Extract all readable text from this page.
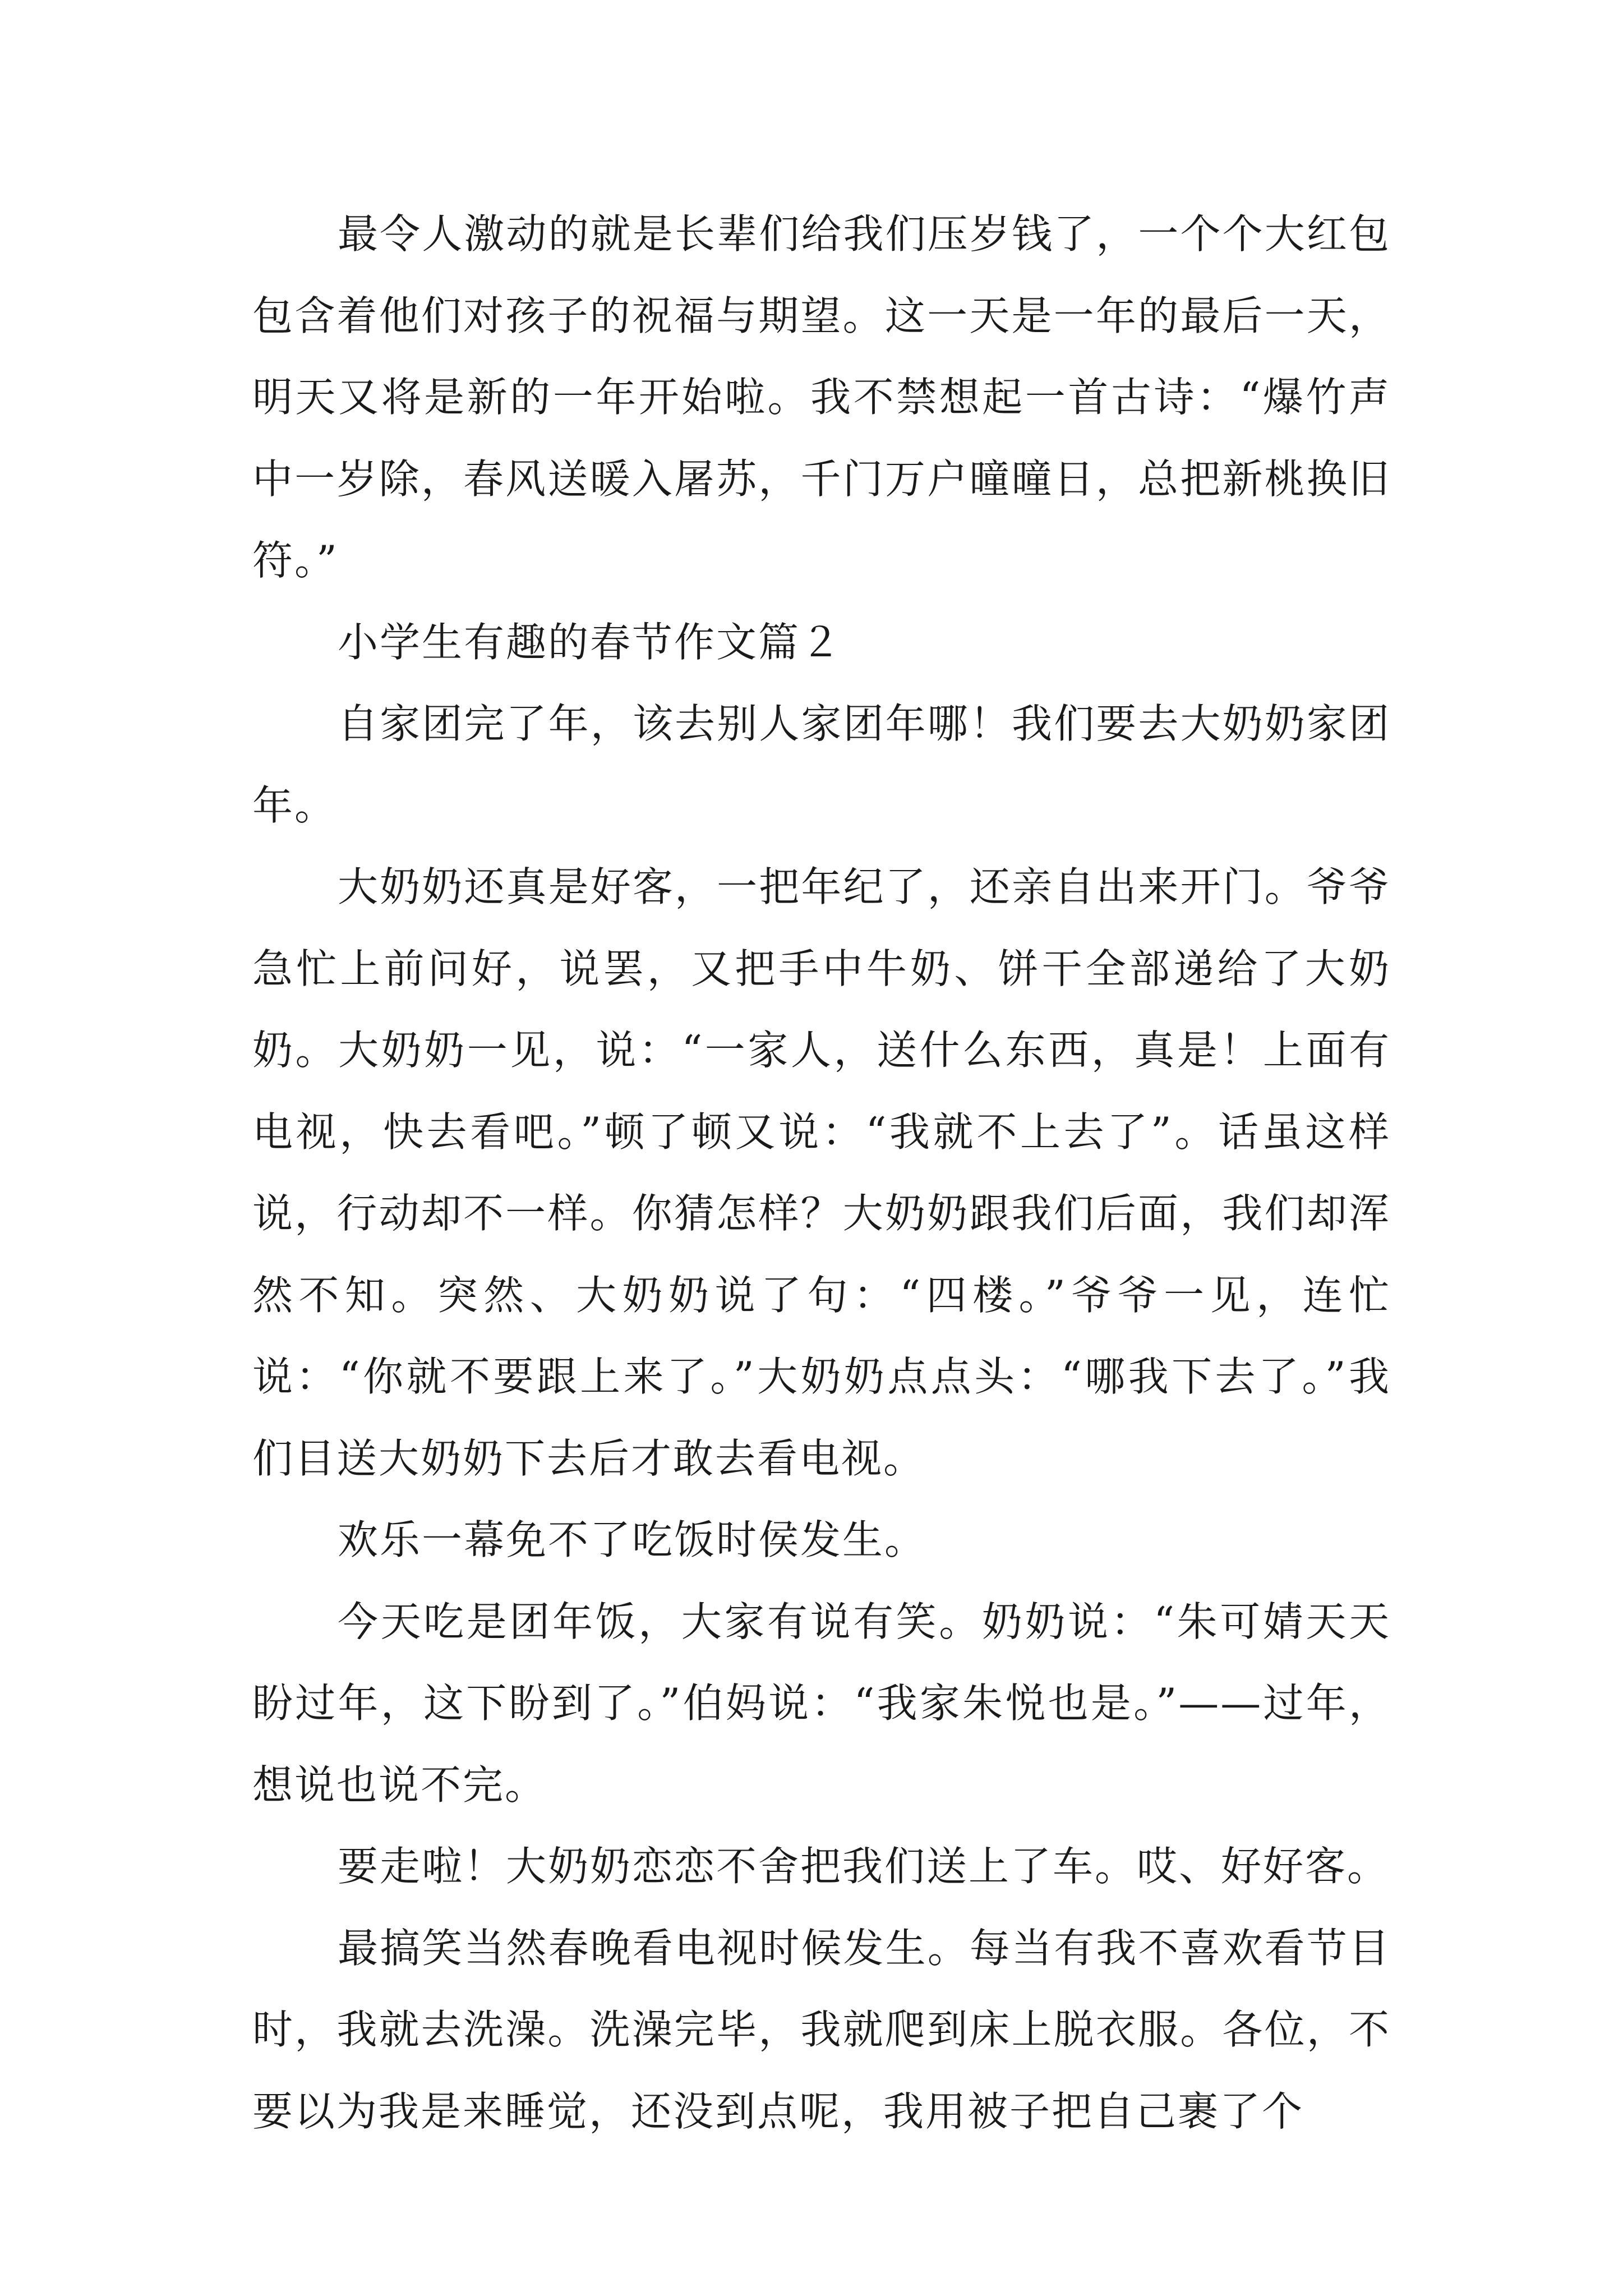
最令人激动的就是长辈们给我们压岁钱了，一个个大红包包含着他们对孩子的祝福与期望。这一天是一年的最后一天，明天又将是新的一年开始啦。我不禁想起一首古诗：“爆竹声中一岁除，春风送暖入屠苏，千门万户曈曈日，总把新桃换旧符。”

小学生有趣的春节作文篇２

自家团完了年，该去别人家团年哪！我们要去大奶奶家团年。

大奶奶还真是好客，一把年纪了，还亲自出来开门。爷爷急忙上前问好，说罢，又把手中牛奶、饼干全部递给了大奶奶。大奶奶一见，说：“一家人，送什么东西，真是！上面有电视，快去看吧。”顿了顿又说：“我就不上去了”。话虽这样说，行动却不一样。你猜怎样？大奶奶跟我们后面，我们却浑然不知。突然、大奶奶说了句：“四楼。”爷爷一见，连忙说：“你就不要跟上来了。”大奶奶点点头：“哪我下去了。”我们目送大奶奶下去后才敢去看电视。

欢乐一幕免不了吃饭时侯发生。

今天吃是团年饭，大家有说有笑。奶奶说：“朱可婧天天盼过年，这下盼到了。”伯妈说：“我家朱悦也是。”——过年，想说也说不完。

要走啦！大奶奶恋恋不舍把我们送上了车。哎、好好客。

最搞笑当然春晚看电视时候发生。每当有我不喜欢看节目时，我就去洗澡。洗澡完毕，我就爬到床上脱衣服。各位，不要以为我是来睡觉，还没到点呢，我用被子把自己裹了个
